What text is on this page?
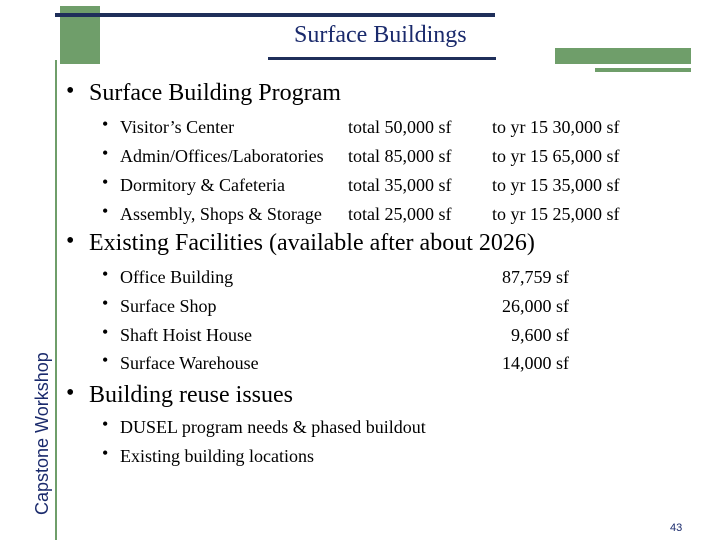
Surface Buildings
Capstone Workshop
• Surface Building Program
• Visitor’s Center	total 50,000 sf to yr 15 30,000 sf
• Admin/Offices/Laboratories total 85,000 sf to yr 15 65,000 sf
• Dormitory & Cafeteria	total 35,000 sf to yr 15 35,000 sf
• Assembly, Shops & Storage total 25,000 sf to yr 15 25,000 sf
• Existing Facilities (available after about 2026)
• Office Building	87,759 sf
• Surface Shop	26,000 sf
• Shaft Hoist House	9,600 sf
• Surface Warehouse	14,000 sf
• Building reuse issues
• DUSEL program needs & phased buildout
• Existing building locations
43
